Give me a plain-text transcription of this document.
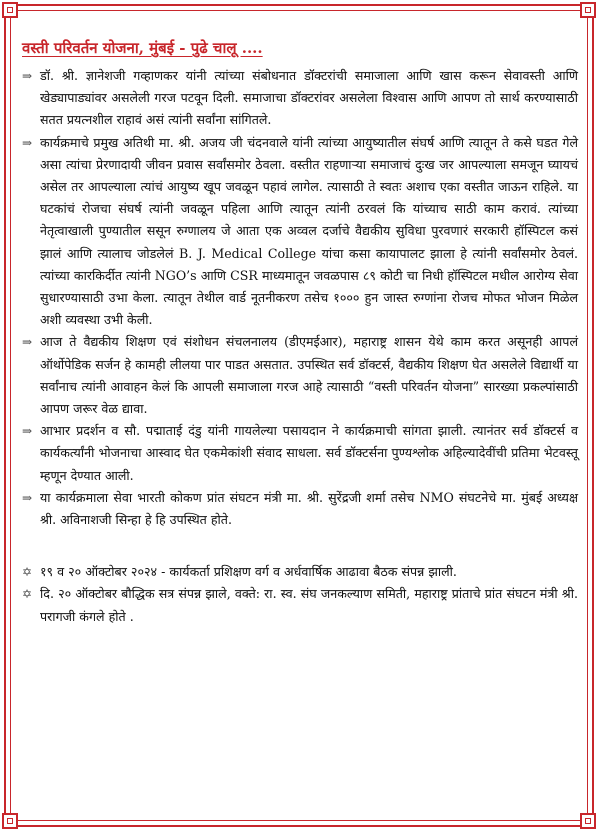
वस्ती परिवर्तन योजना, मुंबई - पुढे चालू ....

⇒ डॉ. श्री. ज्ञानेशजी गव्हाणकर यांनी त्यांच्या संबोधनात डॉक्टरांची समाजाला आणि खास करून सेवावस्ती आणि खेड्यापाड्यांवर असलेली गरज पटवून दिली. समाजाचा डॉक्टरांवर असलेला विश्वास आणि आपण तो सार्थ करण्यासाठी सतत प्रयत्नशील राहावं असं त्यांनी सर्वांना सांगितले.

⇒ कार्यक्रमाचे प्रमुख अतिथी मा. श्री. अजय जी चंदनवाले यांनी त्यांच्या आयुष्यातील संघर्ष आणि त्यातून ते कसे घडत गेले असा त्यांचा प्रेरणादायी जीवन प्रवास सर्वांसमोर ठेवला. वस्तीत राहणाऱ्या समाजाचं दुःख जर आपल्याला समजून घ्यायचं असेल तर आपल्याला त्यांचं आयुष्य खूप जवळून पहावं लागेल. त्यासाठी ते स्वतः अशाच एका वस्तीत जाऊन राहिले. या घटकांचं रोजचा संघर्ष त्यांनी जवळून पहिला आणि त्यातून त्यांनी ठरवलं कि यांच्याच साठी काम करावं. त्यांच्या नेतृत्वाखाली पुण्यातील ससून रुग्णालय जे आता एक अव्वल दर्जाचे वैद्यकीय सुविधा पुरवणारं सरकारी हॉस्पिटल कसं झालं आणि त्यालाच जोडलेलं B. J. Medical College यांचा कसा कायापालट झाला हे त्यांनी सर्वांसमोर ठेवलं. त्यांच्या कारकिर्दीत त्यांनी NGO’s आणि CSR माध्यमातून जवळपास ८९ कोटी चा निधी हॉस्पिटल मधील आरोग्य सेवा सुधारण्यासाठी उभा केला. त्यातून तेथील वार्ड नूतनीकरण तसेच १००० हुन जास्त रुग्णांना रोजच मोफत भोजन मिळेल अशी व्यवस्था उभी केली.

⇒ आज ते वैद्यकीय शिक्षण एवं संशोधन संचलनालय (डीएमईआर), महाराष्ट्र शासन येथे काम करत असूनही आपलं ऑर्थोपेडिक सर्जन हे कामही लीलया पार पाडत असतात. उपस्थित सर्व डॉक्टर्स, वैद्यकीय शिक्षण घेत असलेले विद्यार्थी या सर्वांनाच त्यांनी आवाहन केलं कि आपली समाजाला गरज आहे त्यासाठी “वस्ती परिवर्तन योजना” सारख्या प्रकल्पांसाठी आपण जरूर वेळ द्यावा.

⇒ आभार प्रदर्शन व सौ. पद्माताई दंडु यांनी गायलेल्या पसायदान ने कार्यक्रमाची सांगता झाली. त्यानंतर सर्व डॉक्टर्स व कार्यकर्त्यांनी भोजनाचा आस्वाद घेत एकमेकांशी संवाद साधला. सर्व डॉक्टर्सना पुण्यश्लोक अहिल्यादेवींची प्रतिमा भेटवस्तू म्हणून देण्यात आली.

⇒ या कार्यक्रमाला सेवा भारती कोकण प्रांत संघटन मंत्री मा. श्री. सुरेंद्रजी शर्मा तसेच NMO संघटनेचे मा. मुंबई अध्यक्ष श्री. अविनाशजी सिन्हा हे हि उपस्थित होते.

✡ १९ व २० ऑक्टोबर २०२४ - कार्यकर्ता प्रशिक्षण वर्ग व अर्धवार्षिक आढावा बैठक संपन्न झाली.

✡ दि. २० ऑक्टोबर बौद्धिक सत्र संपन्न झाले, वक्ते: रा. स्व. संघ जनकल्याण समिती, महाराष्ट्र प्रांताचे प्रांत संघटन मंत्री श्री. परागजी कंगले होते .
